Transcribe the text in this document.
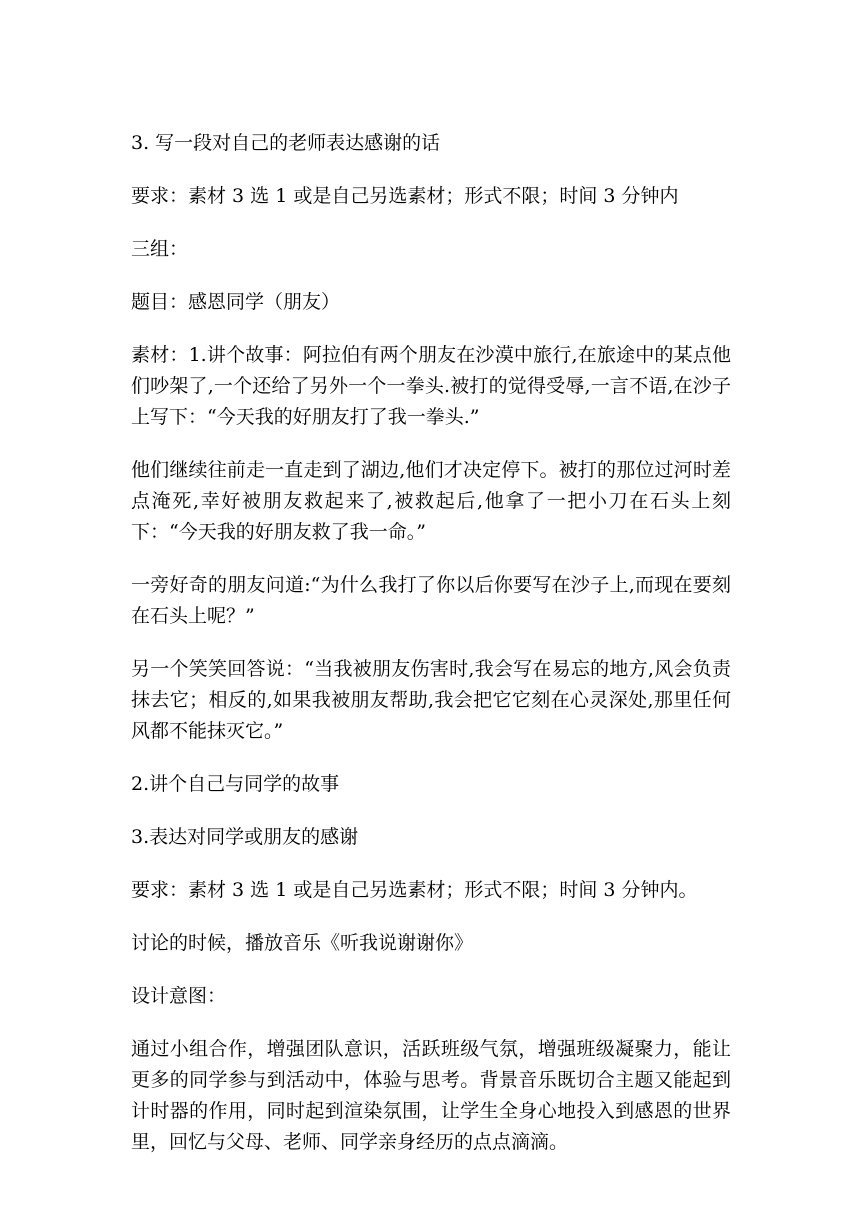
3. 写一段对自己的老师表达感谢的话

要求：素材 3 选 1 或是自己另选素材；形式不限；时间 3 分钟内

三组：

题目：感恩同学（朋友）

素材：1.讲个故事：阿拉伯有两个朋友在沙漠中旅行,在旅途中的某点他们吵架了,一个还给了另外一个一拳头.被打的觉得受辱,一言不语,在沙子上写下：“今天我的好朋友打了我一拳头.”

他们继续往前走一直走到了湖边,他们才决定停下。被打的那位过河时差点淹死,幸好被朋友救起来了,被救起后,他拿了一把小刀在石头上刻下：“今天我的好朋友救了我一命。”

一旁好奇的朋友问道:“为什么我打了你以后你要写在沙子上,而现在要刻在石头上呢？”

另一个笑笑回答说：“当我被朋友伤害时,我会写在易忘的地方,风会负责抹去它；相反的,如果我被朋友帮助,我会把它它刻在心灵深处,那里任何风都不能抹灭它。”

2.讲个自己与同学的故事

3.表达对同学或朋友的感谢

要求：素材 3 选 1 或是自己另选素材；形式不限；时间 3 分钟内。

讨论的时候，播放音乐《听我说谢谢你》

设计意图：

通过小组合作，增强团队意识，活跃班级气氛，增强班级凝聚力，能让更多的同学参与到活动中，体验与思考。背景音乐既切合主题又能起到计时器的作用，同时起到渲染氛围，让学生全身心地投入到感恩的世界里，回忆与父母、老师、同学亲身经历的点点滴滴。
